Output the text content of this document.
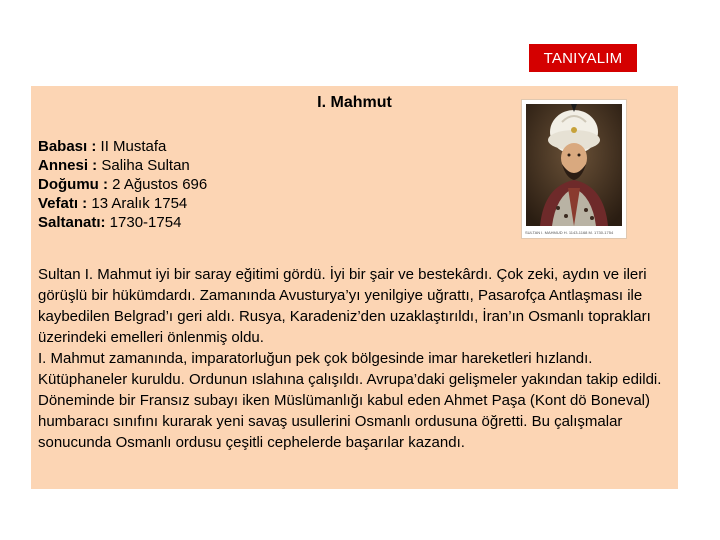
TANIYALIM
I. Mahmut
Babası : II Mustafa
Annesi : Saliha Sultan
Doğumu : 2 Ağustos 696
Vefatı : 13 Aralık 1754
Saltanatı: 1730-1754
SULTAN I. MAHMUD H. 1143-1168 M. 1730-1754

Sultan I. Mahmut iyi bir saray eğitimi gördü. İyi bir şair ve bestekârdı. Çok zeki, aydın ve ileri görüşlü bir hükümdardı. Zamanında Avusturya’yı yenilgiye uğrattı, Pasarofça Antlaşması ile kaybedilen Belgrad’ı geri aldı. Rusya, Karadeniz’den uzaklaştırıldı, İran’ın Osmanlı toprakları üzerindeki emelleri önlenmiş oldu.

I. Mahmut zamanında, imparatorluğun pek çok bölgesinde imar hareketleri hızlandı. Kütüphaneler kuruldu. Ordunun ıslahına çalışıldı. Avrupa’daki gelişmeler yakından takip edildi. Döneminde bir Fransız subayı iken Müslümanlığı kabul eden Ahmet Paşa (Kont dö Boneval) humbaracı sınıfını kurarak yeni savaş usullerini Osmanlı ordusuna öğretti. Bu çalışmalar sonucunda Osmanlı ordusu çeşitli cephelerde başarılar kazandı.
